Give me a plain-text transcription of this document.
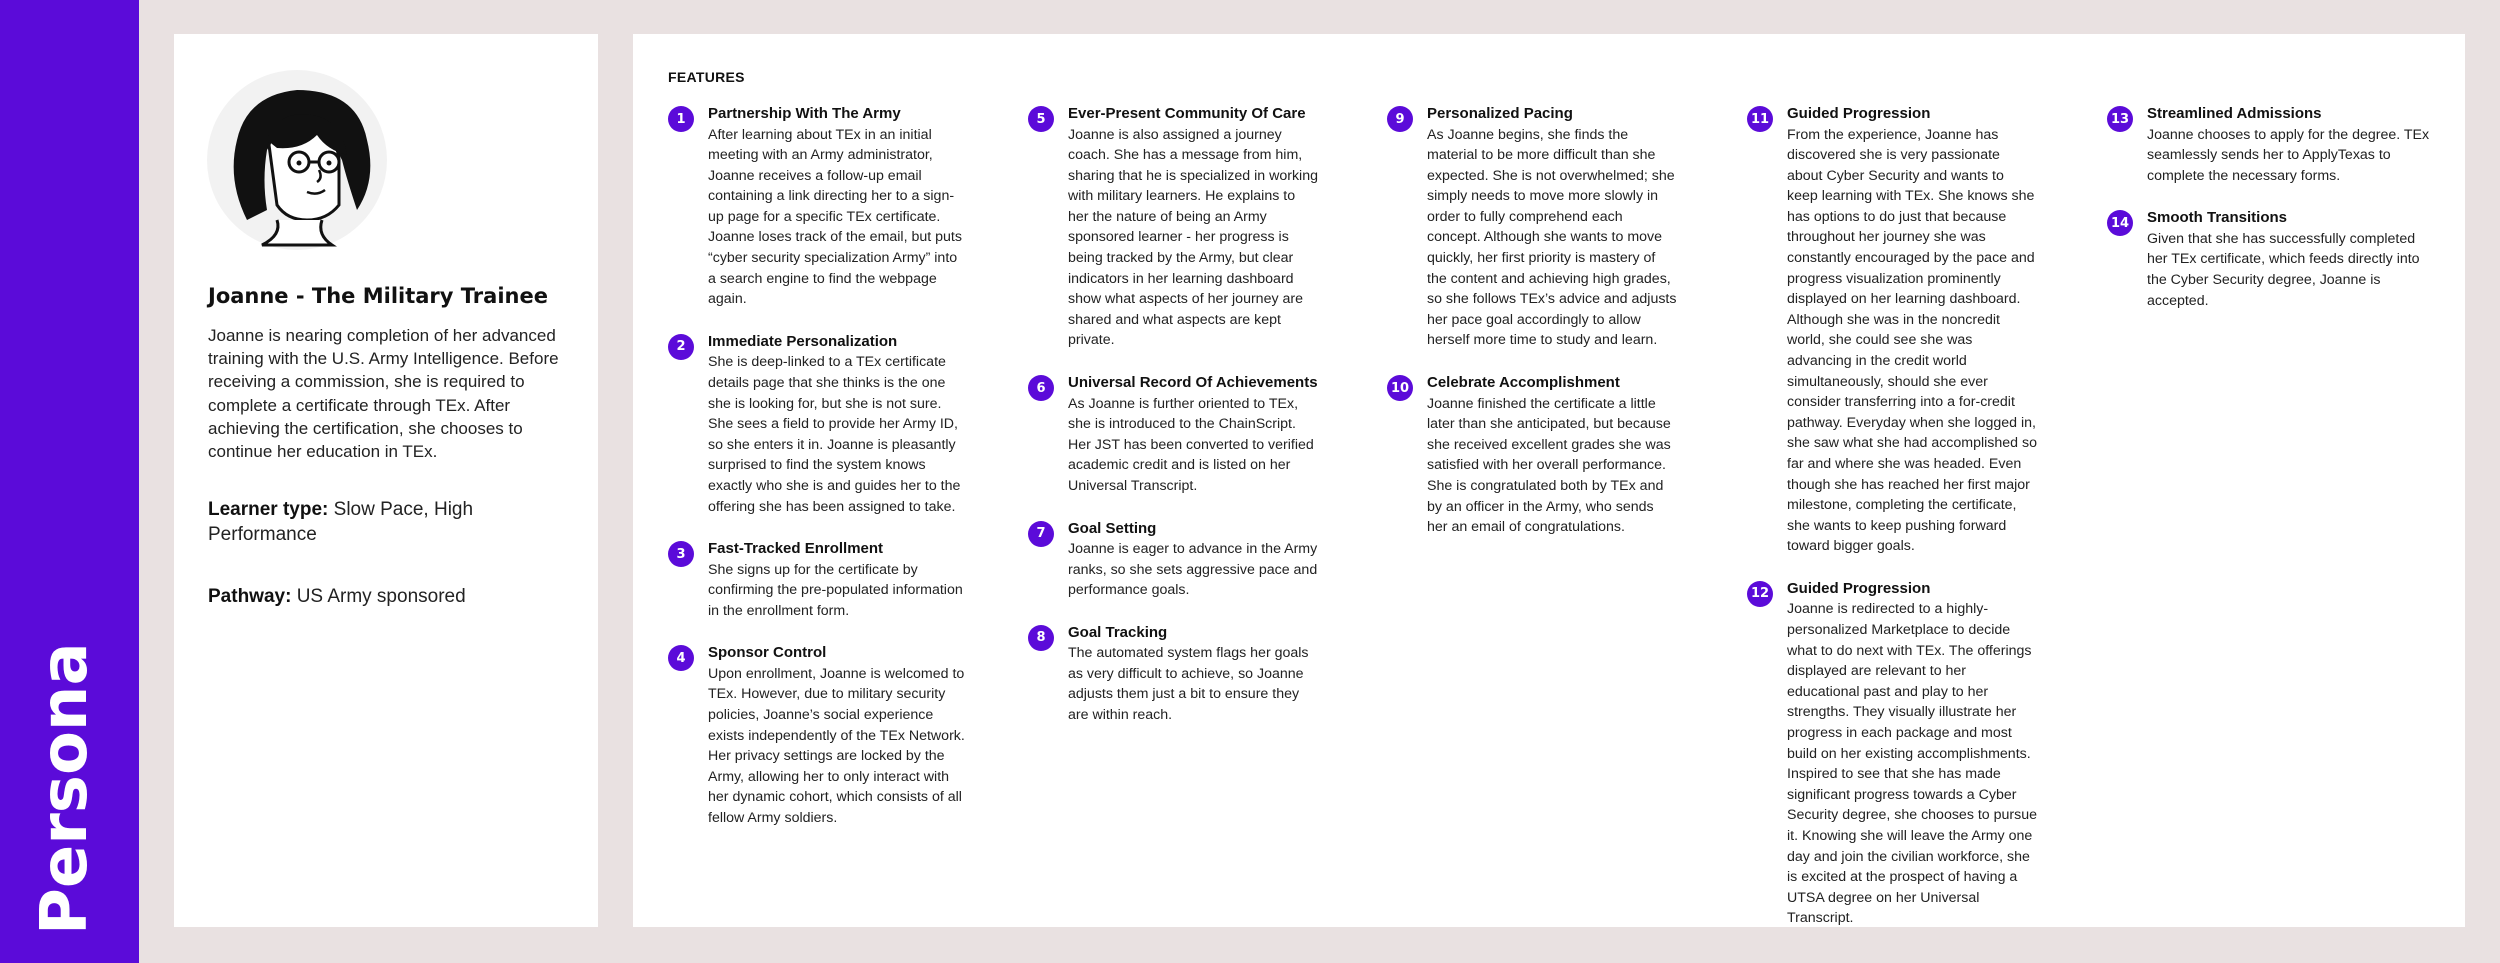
Persona
Joanne - The Military Trainee
Joanne is nearing completion of her advanced training with the U.S. Army Intelligence. Before receiving a commission, she is required to complete a certificate through TEx. After achieving the certification, she chooses to continue her education in TEx.
Learner type: Slow Pace, High Performance
Pathway: US Army sponsored
FEATURES
1	Partnership With The Army
After learning about TEx in an initial meeting with an Army administrator, Joanne receives a follow-up email containing a link directing her to a sign-up page for a specific TEx certificate. Joanne loses track of the email, but puts “cyber security specialization Army” into a search engine to find the webpage again.
2	Immediate Personalization
She is deep-linked to a TEx certificate details page that she thinks is the one she is looking for, but she is not sure. She sees a field to provide her Army ID, so she enters it in. Joanne is pleasantly surprised to find the system knows exactly who she is and guides her to the offering she has been assigned to take.
3	Fast-Tracked Enrollment
She signs up for the certificate by confirming the pre-populated information in the enrollment form.
4	Sponsor Control
Upon enrollment, Joanne is welcomed to TEx. However, due to military security policies, Joanne’s social experience exists independently of the TEx Network. Her privacy settings are locked by the Army, allowing her to only interact with her dynamic cohort, which consists of all fellow Army soldiers.
5	Ever-Present Community Of Care
Joanne is also assigned a journey coach. She has a message from him, sharing that he is specialized in working with military learners. He explains to her the nature of being an Army sponsored learner - her progress is being tracked by the Army, but clear indicators in her learning dashboard show what aspects of her journey are shared and what aspects are kept private.
6	Universal Record Of Achievements
As Joanne is further oriented to TEx, she is introduced to the ChainScript. Her JST has been converted to verified academic credit and is listed on her Universal Transcript.
7	Goal Setting
Joanne is eager to advance in the Army ranks, so she sets aggressive pace and performance goals.
8	Goal Tracking
The automated system flags her goals as very difficult to achieve, so Joanne adjusts them just a bit to ensure they are within reach.
9	Personalized Pacing
As Joanne begins, she finds the material to be more difficult than she expected. She is not overwhelmed; she simply needs to move more slowly in order to fully comprehend each concept. Although she wants to move quickly, her first priority is mastery of the content and achieving high grades, so she follows TEx’s advice and adjusts her pace goal accordingly to allow herself more time to study and learn.
10 Celebrate Accomplishment
Joanne finished the certificate a little later than she anticipated, but because she received excellent grades she was satisfied with her overall performance. She is congratulated both by TEx and by an officer in the Army, who sends her an email of congratulations.
11 Guided Progression
From the experience, Joanne has discovered she is very passionate about Cyber Security and wants to keep learning with TEx. She knows she has options to do just that because throughout her journey she was constantly encouraged by the pace and progress visualization prominently displayed on her learning dashboard. Although she was in the noncredit world, she could see she was advancing in the credit world simultaneously, should she ever consider transferring into a for-credit pathway. Everyday when she logged in, she saw what she had accomplished so far and where she was headed. Even though she has reached her first major milestone, completing the certificate, she wants to keep pushing forward toward bigger goals.
12 Guided Progression
Joanne is redirected to a highly-personalized Marketplace to decide what to do next with TEx. The offerings displayed are relevant to her educational past and play to her strengths. They visually illustrate her progress in each package and most build on her existing accomplishments. Inspired to see that she has made significant progress towards a Cyber Security degree, she chooses to pursue it. Knowing she will leave the Army one day and join the civilian workforce, she is excited at the prospect of having a UTSA degree on her Universal Transcript.
13 Streamlined Admissions
Joanne chooses to apply for the degree. TEx seamlessly sends her to ApplyTexas to complete the necessary forms.
14 Smooth Transitions
Given that she has successfully completed her TEx certificate, which feeds directly into the Cyber Security degree, Joanne is accepted.
